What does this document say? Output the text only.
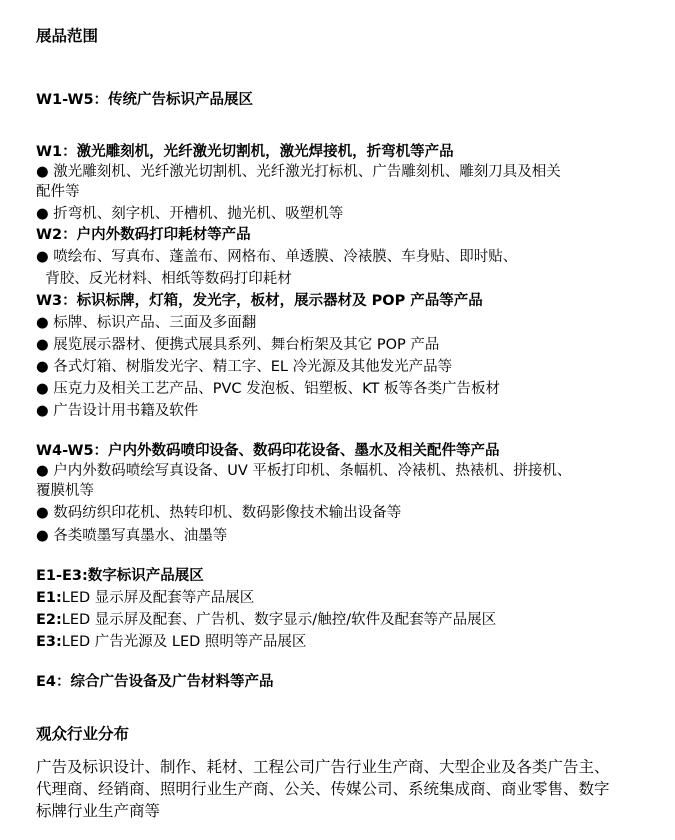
展品范围
W1-W5：传统广告标识产品展区
W1：激光雕刻机，光纤激光切割机，激光焊接机，折弯机等产品
● 激光雕刻机、光纤激光切割机、光纤激光打标机、广告雕刻机、雕刻刀具及相关
配件等
● 折弯机、刻字机、开槽机、抛光机、吸塑机等
W2：户内外数码打印耗材等产品
● 喷绘布、写真布、蓬盖布、网格布、单透膜、冷裱膜、车身贴、即时贴、
背胶、反光材料、相纸等数码打印耗材
W3：标识标牌，灯箱，发光字，板材，展示器材及 POP 产品等产品
● 标牌、标识产品、三面及多面翻
● 展览展示器材、便携式展具系列、舞台桁架及其它 POP 产品
● 各式灯箱、树脂发光字、精工字、EL 冷光源及其他发光产品等
● 压克力及相关工艺产品、PVC 发泡板、铝塑板、KT 板等各类广告板材
● 广告设计用书籍及软件
W4-W5：户内外数码喷印设备、数码印花设备、墨水及相关配件等产品
● 户内外数码喷绘写真设备、UV 平板打印机、条幅机、冷裱机、热裱机、拼接机、
覆膜机等
● 数码纺织印花机、热转印机、数码影像技术输出设备等
● 各类喷墨写真墨水、油墨等
E1-E3:数字标识产品展区
E1:LED 显示屏及配套等产品展区
E2:LED 显示屏及配套、广告机、数字显示/触控/软件及配套等产品展区
E3:LED 广告光源及 LED 照明等产品展区
E4：综合广告设备及广告材料等产品
观众行业分布
广告及标识设计、制作、耗材、工程公司广告行业生产商、大型企业及各类广告主、
代理商、经销商、照明行业生产商、公关、传媒公司、系统集成商、商业零售、数字
标牌行业生产商等
